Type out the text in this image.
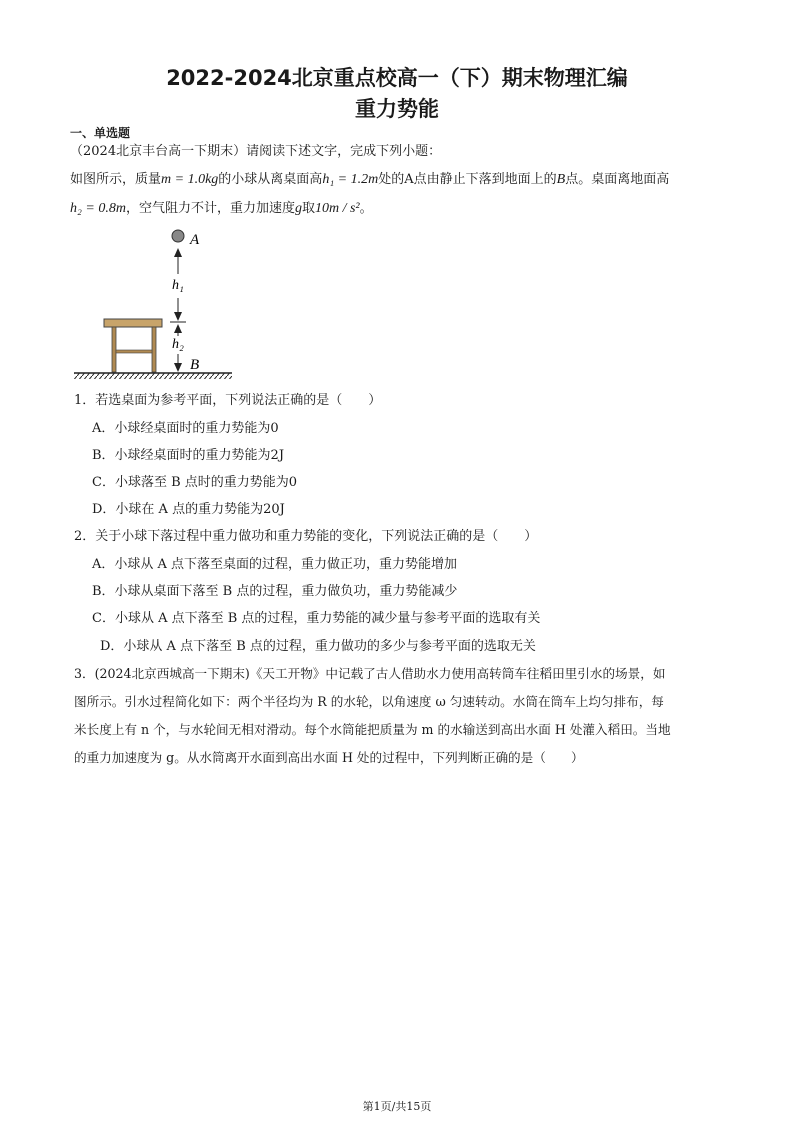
2022-2024北京重点校高一（下）期末物理汇编
重力势能
一、单选题
（2024北京丰台高一下期末）请阅读下述文字，完成下列小题：
如图所示，质量m = 1.0kg的小球从离桌面高h₁ = 1.2m处的A点由静止下落到地面上的B点。桌面离地面高
h₂ = 0.8m，空气阻力不计，重力加速度g取10m / s²。
A
h₁
h₂
B
1．若选桌面为参考平面，下列说法正确的是（　　）
A．小球经桌面时的重力势能为0
B．小球经桌面时的重力势能为2J
C．小球落至 B 点时的重力势能为0
D．小球在 A 点的重力势能为20J
2．关于小球下落过程中重力做功和重力势能的变化，下列说法正确的是（　　）
A．小球从 A 点下落至桌面的过程，重力做正功，重力势能增加
B．小球从桌面下落至 B 点的过程，重力做负功，重力势能减少
C．小球从 A 点下落至 B 点的过程，重力势能的减少量与参考平面的选取有关
D．小球从 A 点下落至 B 点的过程，重力做功的多少与参考平面的选取无关
3．(2024北京西城高一下期末)《天工开物》中记载了古人借助水力使用高转筒车往稻田里引水的场景，如
图所示。引水过程简化如下：两个半径均为 R 的水轮，以角速度 ω 匀速转动。水筒在筒车上均匀排布，每
米长度上有 n 个，与水轮间无相对滑动。每个水筒能把质量为 m 的水输送到高出水面 H 处灌入稻田。当地
的重力加速度为 g。从水筒离开水面到高出水面 H 处的过程中，下列判断正确的是（　　）
第1页/共15页
